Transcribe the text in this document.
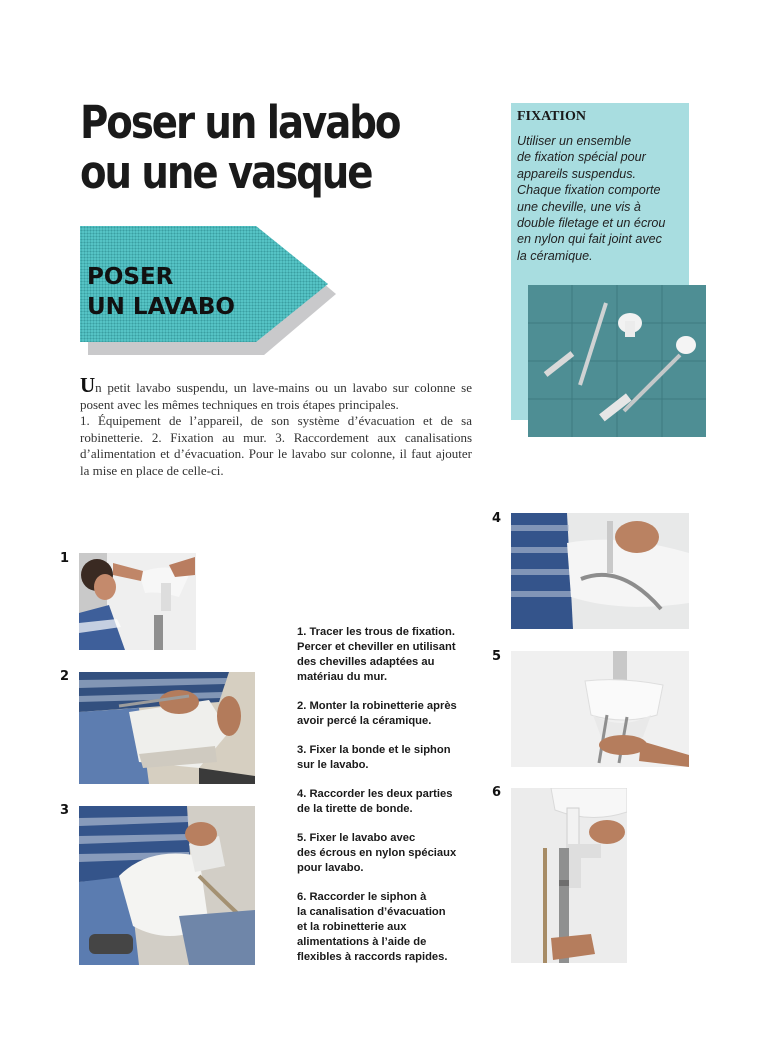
Poser un lavabo
ou une vasque
POSER
UN LAVABO

Un petit lavabo suspendu, un lave-mains ou un lavabo sur colonne se posent avec les mêmes techniques en trois étapes principales.

1. Équipement de l’appareil, de son système d’évacuation et de sa robinetterie. 2. Fixation au mur. 3. Raccordement aux canalisations d’alimentation et d’évacuation. Pour le lavabo sur colonne, il faut ajouter la mise en place de celle-ci.

FIXATION
Utiliser un ensemble
de fixation spécial pour
appareils suspendus.
Chaque fixation comporte
une cheville, une vis à
double filetage et un écrou
en nylon qui fait joint avec
la céramique.
1
2
3
4
5
6

1. Tracer les trous de fixation.
Percer et cheviller en utilisant
des chevilles adaptées au
matériau du mur.

2. Monter la robinetterie après
avoir percé la céramique.

3. Fixer la bonde et le siphon
sur le lavabo.

4. Raccorder les deux parties
de la tirette de bonde.

5. Fixer le lavabo avec
des écrous en nylon spéciaux
pour lavabo.

6. Raccorder le siphon à
la canalisation d’évacuation
et la robinetterie aux
alimentations à l’aide de
flexibles à raccords rapides.
